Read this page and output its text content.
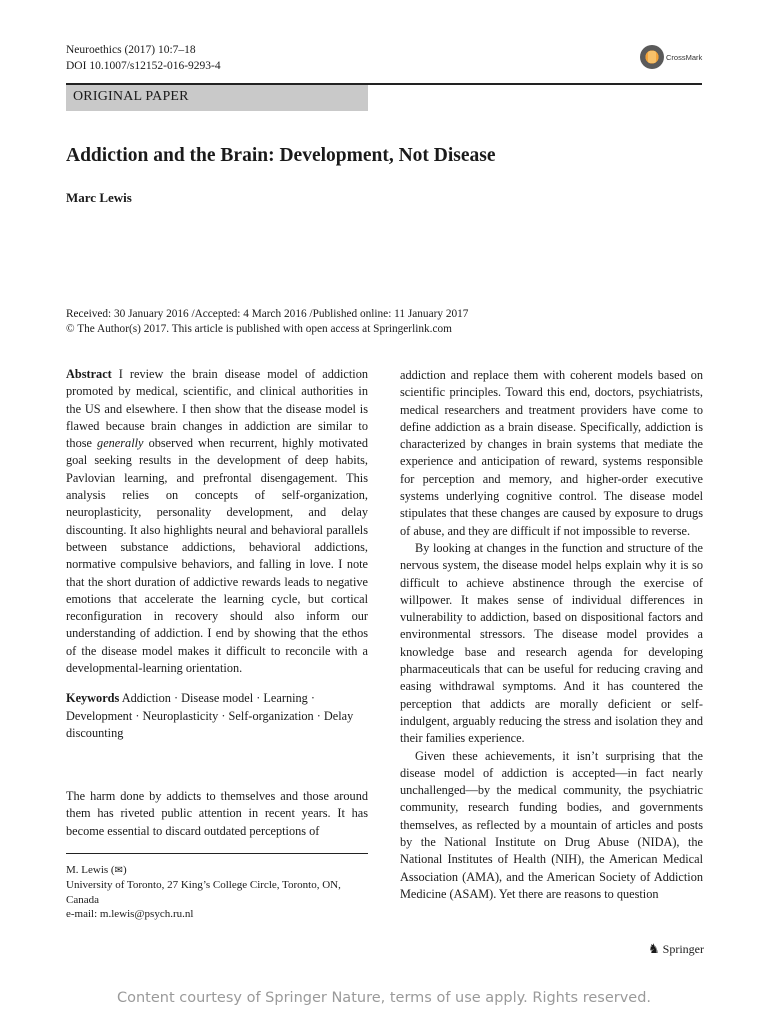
Neuroethics (2017) 10:7–18
DOI 10.1007/s12152-016-9293-4
CrossMark
ORIGINAL PAPER
Addiction and the Brain: Development, Not Disease
Marc Lewis
Received: 30 January 2016 /Accepted: 4 March 2016 /Published online: 11 January 2017
© The Author(s) 2017. This article is published with open access at Springerlink.com

Abstract I review the brain disease model of addiction promoted by medical, scientific, and clinical authorities in the US and elsewhere. I then show that the disease model is flawed because brain changes in addiction are similar to those generally observed when recurrent, highly motivated goal seeking results in the development of deep habits, Pavlovian learning, and prefrontal disengagement. This analysis relies on concepts of self-organization, neuroplasticity, personality development, and delay discounting. It also highlights neural and behavioral parallels between substance addictions, behavioral addictions, normative compulsive behaviors, and falling in love. I note that the short duration of addictive rewards leads to negative emotions that accelerate the learning cycle, but cortical reconfiguration in recovery should also inform our understanding of addiction. I end by showing that the ethos of the disease model makes it difficult to reconcile with a developmental-learning orientation.

Keywords Addiction · Disease model · Learning · Development · Neuroplasticity · Self-organization · Delay discounting

The harm done by addicts to themselves and those around them has riveted public attention in recent years. It has become essential to discard outdated perceptions of

M. Lewis (✉)
University of Toronto, 27 King’s College Circle, Toronto, ON, Canada
e-mail: m.lewis@psych.ru.nl

addiction and replace them with coherent models based on scientific principles. Toward this end, doctors, psychiatrists, medical researchers and treatment providers have come to define addiction as a brain disease. Specifically, addiction is characterized by changes in brain systems that mediate the experience and anticipation of reward, systems responsible for perception and memory, and higher-order executive systems underlying cognitive control. The disease model stipulates that these changes are caused by exposure to drugs of abuse, and they are difficult if not impossible to reverse.

By looking at changes in the function and structure of the nervous system, the disease model helps explain why it is so difficult to achieve abstinence through the exercise of willpower. It makes sense of individual differences in vulnerability to addiction, based on dispositional factors and environmental stressors. The disease model provides a knowledge base and research agenda for developing pharmaceuticals that can be useful for reducing craving and easing withdrawal symptoms. And it has countered the perception that addicts are morally deficient or self-indulgent, arguably reducing the stress and isolation they and their families experience.

Given these achievements, it isn’t surprising that the disease model of addiction is accepted—in fact nearly unchallenged—by the medical community, the psychiatric community, research funding bodies, and governments themselves, as reflected by a mountain of articles and posts by the National Institute on Drug Abuse (NIDA), the National Institutes of Health (NIH), the American Medical Association (AMA), and the American Society of Addiction Medicine (ASAM). Yet there are reasons to question

♞ Springer
Content courtesy of Springer Nature, terms of use apply. Rights reserved.
